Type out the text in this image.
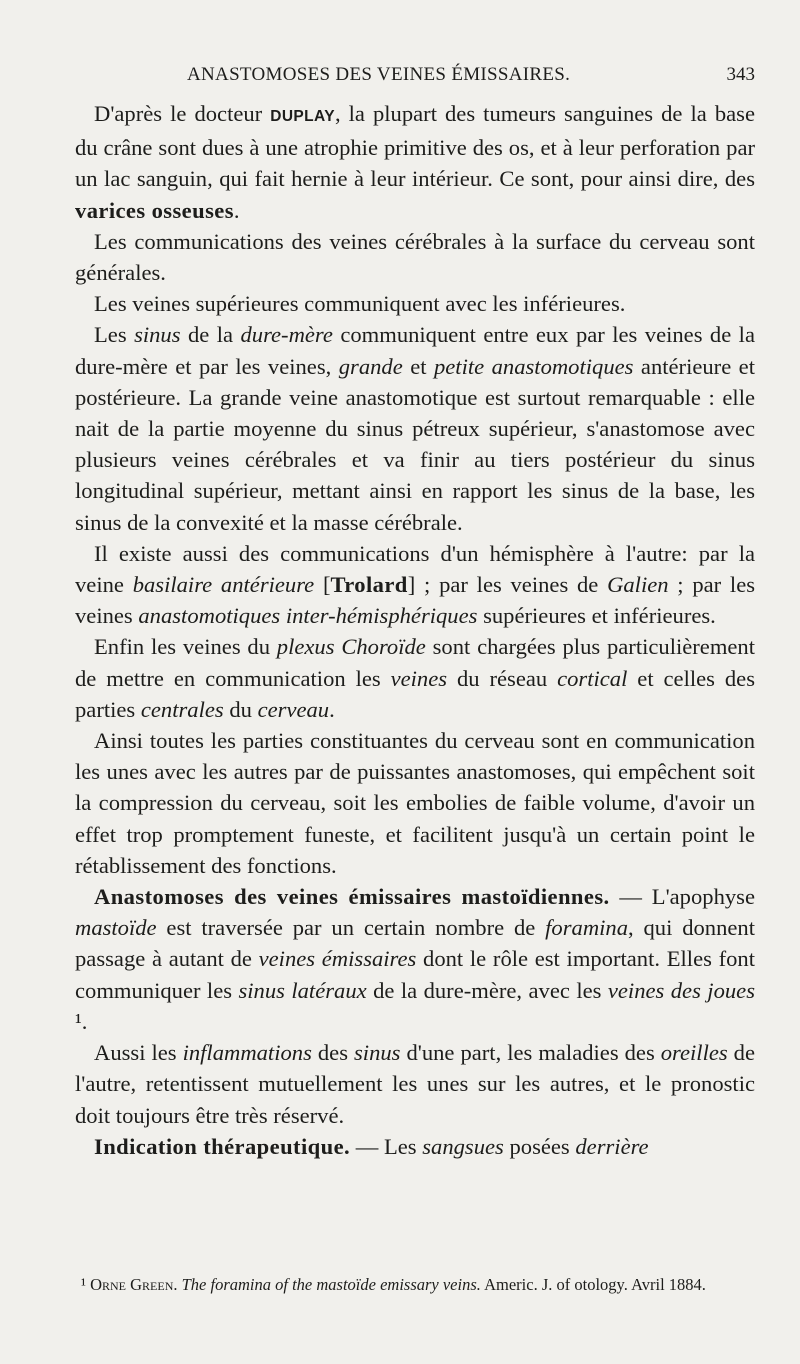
ANASTOMOSES DES VEINES ÉMISSAIRES.	343

D'après le docteur DUPLAY, la plupart des tumeurs sanguines de la base du crâne sont dues à une atrophie primitive des os, et à leur perforation par un lac sanguin, qui fait hernie à leur intérieur. Ce sont, pour ainsi dire, des varices osseuses.

Les communications des veines cérébrales à la surface du cerveau sont générales.

Les veines supérieures communiquent avec les inférieures.

Les sinus de la dure-mère communiquent entre eux par les veines de la dure-mère et par les veines, grande et petite anastomotiques antérieure et postérieure. La grande veine anastomotique est surtout remarquable : elle nait de la partie moyenne du sinus pétreux supérieur, s'anastomose avec plusieurs veines cérébrales et va finir au tiers postérieur du sinus longitudinal supérieur, mettant ainsi en rapport les sinus de la base, les sinus de la convexité et la masse cérébrale.

Il existe aussi des communications d'un hémisphère à l'autre: par la veine basilaire antérieure [Trolard] ; par les veines de Galien ; par les veines anastomotiques inter-hémisphériques supérieures et inférieures.

Enfin les veines du plexus Choroïde sont chargées plus particulièrement de mettre en communication les veines du réseau cortical et celles des parties centrales du cerveau.

Ainsi toutes les parties constituantes du cerveau sont en communication les unes avec les autres par de puissantes anastomoses, qui empêchent soit la compression du cerveau, soit les embolies de faible volume, d'avoir un effet trop promptement funeste, et facilitent jusqu'à un certain point le rétablissement des fonctions.

Anastomoses des veines émissaires mastoïdiennes. — L'apophyse mastoïde est traversée par un certain nombre de foramina, qui donnent passage à autant de veines émissaires dont le rôle est important. Elles font communiquer les sinus latéraux de la dure-mère, avec les veines des joues ¹.

Aussi les inflammations des sinus d'une part, les maladies des oreilles de l'autre, retentissent mutuellement les unes sur les autres, et le pronostic doit toujours être très réservé.

Indication thérapeutique. — Les sangsues posées derrière

¹ Orne Green. The foramina of the mastoïde emissary veins. Americ. J. of otology. Avril 1884.
